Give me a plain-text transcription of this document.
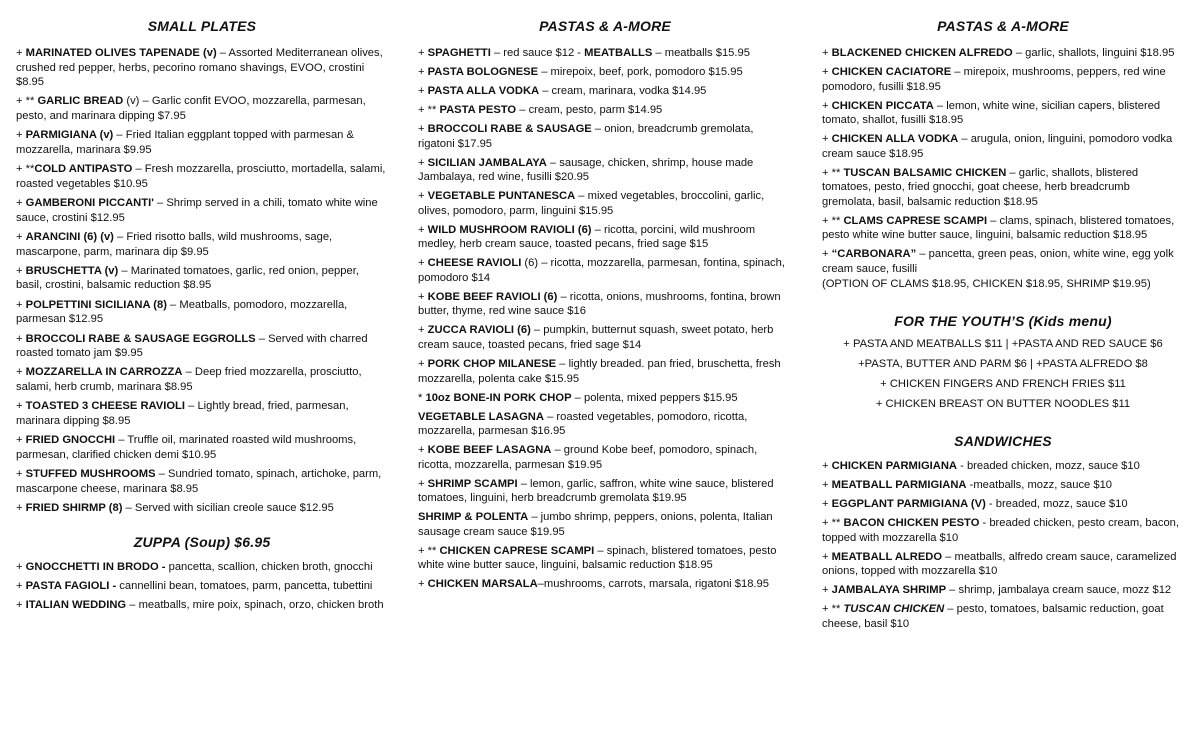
SMALL PLATES

+ MARINATED OLIVES TAPENADE (v) – Assorted Mediterranean olives, crushed red pepper, herbs, pecorino romano shavings, EVOO, crostini $8.95

+ ** GARLIC BREAD (v) – Garlic confit EVOO, mozzarella, parmesan, pesto, and marinara dipping $7.95

+ PARMIGIANA (v) – Fried Italian eggplant topped with parmesan & mozzarella, marinara $9.95

+ **COLD ANTIPASTO – Fresh mozzarella, prosciutto, mortadella, salami, roasted vegetables $10.95

+ GAMBERONI PICCANTI' – Shrimp served in a chili, tomato white wine sauce, crostini $12.95

+ ARANCINI (6) (v) – Fried risotto balls, wild mushrooms, sage, mascarpone, parm, marinara dip $9.95

+ BRUSCHETTA (v) – Marinated tomatoes, garlic, red onion, pepper, basil, crostini, balsamic reduction $8.95

+ POLPETTINI SICILIANA (8) – Meatballs, pomodoro, mozzarella, parmesan $12.95

+ BROCCOLI RABE & SAUSAGE EGGROLLS – Served with charred roasted tomato jam $9.95

+ MOZZARELLA IN CARROZZA – Deep fried mozzarella, prosciutto, salami, herb crumb, marinara $8.95

+ TOASTED 3 CHEESE RAVIOLI – Lightly bread, fried, parmesan, marinara dipping $8.95

+ FRIED GNOCCHI – Truffle oil, marinated roasted wild mushrooms, parmesan, clarified chicken demi $10.95

+ STUFFED MUSHROOMS – Sundried tomato, spinach, artichoke, parm, mascarpone cheese, marinara $8.95

+ FRIED SHIRMP (8) – Served with sicilian creole sauce $12.95

ZUPPA (Soup) $6.95

+ GNOCCHETTI IN BRODO - pancetta, scallion, chicken broth, gnocchi

+ PASTA FAGIOLI - cannellini bean, tomatoes, parm, pancetta, tubettini

+ ITALIAN WEDDING – meatballs, mire poix, spinach, orzo, chicken broth

PASTAS & A-MORE

+ SPAGHETTI – red sauce $12 - MEATBALLS – meatballs $15.95

+ PASTA BOLOGNESE – mirepoix, beef, pork, pomodoro $15.95

+ PASTA ALLA VODKA – cream, marinara, vodka $14.95

+ ** PASTA PESTO – cream, pesto, parm $14.95

+ BROCCOLI RABE & SAUSAGE – onion, breadcrumb gremolata, rigatoni $17.95

+ SICILIAN JAMBALAYA – sausage, chicken, shrimp, house made Jambalaya, red wine, fusilli $20.95

+ VEGETABLE PUNTANESCA – mixed vegetables, broccolini, garlic, olives, pomodoro, parm, linguini $15.95

+ WILD MUSHROOM RAVIOLI (6) – ricotta, porcini, wild mushroom medley, herb cream sauce, toasted pecans, fried sage $15

+ CHEESE RAVIOLI (6) – ricotta, mozzarella, parmesan, fontina, spinach, pomodoro $14

+ KOBE BEEF RAVIOLI (6) – ricotta, onions, mushrooms, fontina, brown butter, thyme, red wine sauce $16

+ ZUCCA RAVIOLI (6) – pumpkin, butternut squash, sweet potato, herb cream sauce, toasted pecans, fried sage $14

+ PORK CHOP MILANESE – lightly breaded. pan fried, bruschetta, fresh mozzarella, polenta cake $15.95

* 10oz BONE-IN PORK CHOP – polenta, mixed peppers $15.95

VEGETABLE LASAGNA – roasted vegetables, pomodoro, ricotta, mozzarella, parmesan $16.95

+ KOBE BEEF LASAGNA – ground Kobe beef, pomodoro, spinach, ricotta, mozzarella, parmesan $19.95

+ SHRIMP SCAMPI – lemon, garlic, saffron, white wine sauce, blistered tomatoes, linguini, herb breadcrumb gremolata $19.95

SHRIMP & POLENTA – jumbo shrimp, peppers, onions, polenta, Italian sausage cream sauce $19.95

+ ** CHICKEN CAPRESE SCAMPI – spinach, blistered tomatoes, pesto white wine butter sauce, linguini, balsamic reduction $18.95

+ CHICKEN MARSALA–mushrooms, carrots, marsala, rigatoni $18.95

PASTAS & A-MORE

+ BLACKENED CHICKEN ALFREDO – garlic, shallots, linguini $18.95

+ CHICKEN CACIATORE – mirepoix, mushrooms, peppers, red wine pomodoro, fusilli $18.95

+ CHICKEN PICCATA – lemon, white wine, sicilian capers, blistered tomato, shallot, fusilli $18.95

+ CHICKEN ALLA VODKA – arugula, onion, linguini, pomodoro vodka cream sauce $18.95

+ ** TUSCAN BALSAMIC CHICKEN – garlic, shallots, blistered tomatoes, pesto, fried gnocchi, goat cheese, herb breadcrumb gremolata, basil, balsamic reduction $18.95

+ ** CLAMS CAPRESE SCAMPI – clams, spinach, blistered tomatoes, pesto white wine butter sauce, linguini, balsamic reduction $18.95

+ “CARBONARA” – pancetta, green peas, onion, white wine, egg yolk cream sauce, fusilli
(OPTION OF CLAMS $18.95, CHICKEN $18.95, SHRIMP $19.95)

FOR THE YOUTH’S (Kids menu)

+ PASTA AND MEATBALLS $11 | +PASTA AND RED SAUCE $6

+PASTA, BUTTER AND PARM $6 | +PASTA ALFREDO $8

+ CHICKEN FINGERS AND FRENCH FRIES $11

+ CHICKEN BREAST ON BUTTER NOODLES $11

SANDWICHES

+ CHICKEN PARMIGIANA - breaded chicken, mozz, sauce $10

+ MEATBALL PARMIGIANA -meatballs, mozz, sauce $10

+ EGGPLANT PARMIGIANA (V) - breaded, mozz, sauce $10

+ ** BACON CHICKEN PESTO - breaded chicken, pesto cream, bacon, topped with mozzarella $10

+ MEATBALL ALREDO – meatballs, alfredo cream sauce, caramelized onions, topped with mozzarella $10

+ JAMBALAYA SHRIMP – shrimp, jambalaya cream sauce, mozz $12

+ ** TUSCAN CHICKEN – pesto, tomatoes, balsamic reduction, goat cheese, basil $10
